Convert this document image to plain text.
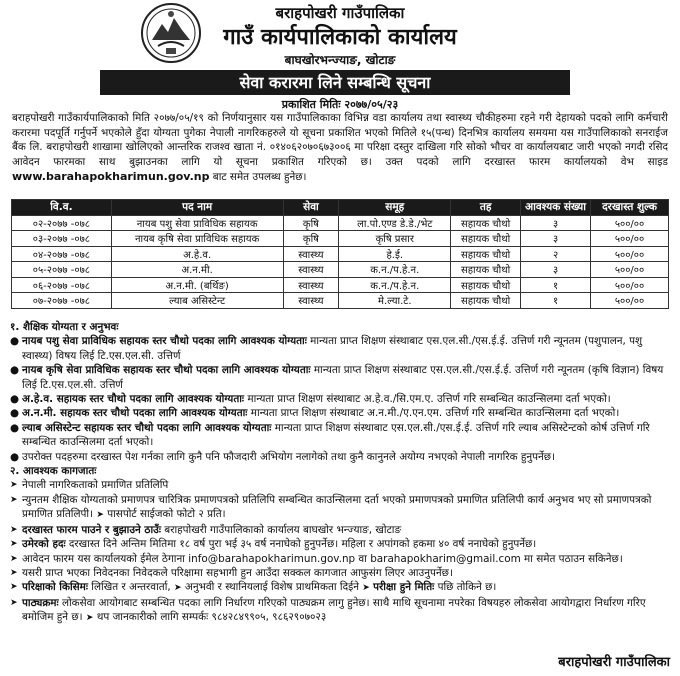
बराहपोखरी गाउँपालिका
गाउँ कार्यपालिकाको कार्यालय
बाघखोरभन्ज्याङ, खोटाङ
सेवा करारमा लिने सम्बन्धि सूचना
प्रकाशित मितिः २०७७/०५/२३
बराहपोखरी गाउँकार्यपालिकाको मिति २०७७/०५/१९ को निर्णयानुसार यस गाउँपालिकाका विभिन्न वडा कार्यालय तथा स्वास्थ्य चौकीहरुमा रहने गरी देहायको पदको लागि कर्मचारी करारमा पदपूर्ति गर्नुपर्ने भएकोले हुँदा योग्यता पुगेका नेपाली नागरिकहरुले यो सूचना प्रकाशित भएको मितिले १५(पन्ध) दिनभित्र कार्यालय समयमा यस गाउँपालिकाको सनराईज बैंक लि. बराहपोखरी शाखामा खोलिएको आन्तरिक राजश्व खाता नं. ०१४०६२०७०६७३००६ मा परिक्षा दस्तुर दाखिला गरि सोको भौचर वा कार्यालयबाट जारी भएको नगदी रसिद आवेदन फारमका साथ बुझाउनका लागि यो सूचना प्रकाशित गरिएको छ। उक्त पदको लागि दरखास्त फारम कार्यालयको वेभ साइड www.barahapokharimun.gov.np बाट समेत उपलब्ध हुनेछ।
वि.व.	पद नाम	सेवा	समूह	तह	आवश्यक संख्या	दरखास्त शुल्क
०२-२०७७ -०७८	नायब पशु सेवा प्राविधिक सहायक	कृषि	ला.पो.एण्ड डे.डे./भेट	सहायक चौथो	३	५००/००
०३-२०७७ -०७८	नायब कृषि सेवा प्राविधिक सहायक	कृषि	कृषि प्रसार	सहायक चौथो	३	५००/००
०४-२०७७ -०७८	अ.हे.व.	स्वास्थ्य	हे.ई.	सहायक चौथो	२	५००/००
०५-२०७७ -०७८	अ.न.मी.	स्वास्थ्य	क.न./प.हे.न.	सहायक चौथो	३	५००/००
०६-२०७७ -०७८	अ.न.मी. (बर्थिङ)	स्वास्थ्य	क.न./प.हे.न.	सहायक चौथो	१	५००/००
०७-२०७७ -०७८	ल्याब असिस्टेन्ट	स्वास्थ्य	मे.ल्या.टे.	सहायक चौथो	१	५००/००
१. शैक्षिक योग्यता र अनुभवः
● नायब पशु सेवा प्राविधिक सहायक स्तर चौथो पदका लागि आवश्यक योग्यताः मान्यता प्राप्त शिक्षण संस्थाबाट एस.एल.सी./एस.ई.ई. उत्तिर्ण गरी न्यूनतम (पशुपालन, पशु स्वास्थ्य) विषय लिई टि.एस.एल.सी. उत्तिर्ण
● नायब कृषि सेवा प्राविधिक सहायक स्तर चौथो पदका लागि आवश्यक योग्यताः मान्यता प्राप्त शिक्षण संस्थाबाट एस.एल.सी./एस.ई.ई. उत्तिर्ण गरी न्यूनतम (कृषि विज्ञान) विषय लिई टि.एस.एल.सी. उत्तिर्ण
● अ.हे.व. सहायक स्तर चौथो पदका लागि आवश्यक योग्यताः मान्यता प्राप्त शिक्षण संस्थाबाट अ.हे.व./सि.एम.ए. उत्तिर्ण गरि सम्बन्धित काउन्सिलमा दर्ता भएको।
● अ.न.मी. सहायक स्तर चौथो पदका लागि आवश्यक योग्यताः मान्यता प्राप्त शिक्षण संस्थाबाट अ.न.मी./ए.एन.एम. उत्तिर्ण गरि सम्बन्धित काउन्सिलमा दर्ता भएको।
● ल्याब असिस्टेन्ट सहायक स्तर चौथो पदका लागि आवश्यक योग्यताः मान्यता प्राप्त शिक्षण संस्थाबाट एस.एल.सी./एस.ई.ई. उत्तिर्ण गरि ल्याब असिस्टेन्टको कोर्ष उत्तिर्ण गरि सम्बन्धित काउन्सिलमा दर्ता भएको।
● उपरोक्त पदहरुमा दरखास्त पेश गर्नका लागि कुनै पनि फौजदारी अभियोग नलागेको तथा कुनै कानुनले अयोग्य नभएको नेपाली नागरिक हुनुपर्नेछ।
२. आवश्यक कागजातः
➤ नेपाली नागरिकताको प्रमाणित प्रतिलिपि
➤ न्युनतम शैक्षिक योग्यताको प्रमाणपत्र चारित्रिक प्रमाणपत्रको प्रतिलिपि सम्बन्धित काउन्सिलमा दर्ता भएको प्रमाणपत्रको प्रमाणित प्रतिलिपी कार्य अनुभव भए सो प्रमाणपत्रको प्रमाणित प्रतिलिपी। ➤ पासपोर्ट साईजको फोटो २ प्रति।
➤ दरखास्त फारम पाउने र बुझाउने ठाउँः बराहपोखरी गाउँपालिकाको कार्यालय बाघखोर भन्ज्याङ, खोटाङ
➤ उमेरको हदः दरखास्त दिने अन्तिम मितिमा १८ वर्ष पुरा भई ३५ वर्ष ननाघेको हुनुपर्नेछ। महिला र अपांगको हकमा ४० वर्ष ननाघेको हुनुपर्नेछ।
➤ आवेदन फारम यस कार्यालयको ईमेल ठेगाना info@barahapokharimun.gov.np वा barahapokharim@gmail.com मा समेत पठाउन सकिनेछ।
➤ यसरी प्राप्त भएका निवेदनका निवेदकले परिक्षामा सहभागी हुन आउँदा सक्कल कागजात आफुसंग लिएर आउनुपर्नेछ।
➤ परिक्षाको किसिमः लिखित र अन्तरवार्ता, ➤ अनुभवी र स्थानियलाई विशेष प्राथमिकता दिईने ➤ परीक्षा हुने मितिः पछि तोकिने छ।
➤ पाठ्यक्रमः लोकसेवा आयोगबाट सम्बन्धित पदका लागि निर्धारण गरिएको पाठ्यक्रम लागु हुनेछ। साथै माथि सूचनामा नपरेका विषयहरु लोकसेवा आयोगद्वारा निर्धारण गरिए बमोजिम हुने छ। ➤ थप जानकारीको लागि सम्पर्कः ९८४२८४९९०५, ९८६२९०७०२३
बराहपोखरी गाउँपालिका
